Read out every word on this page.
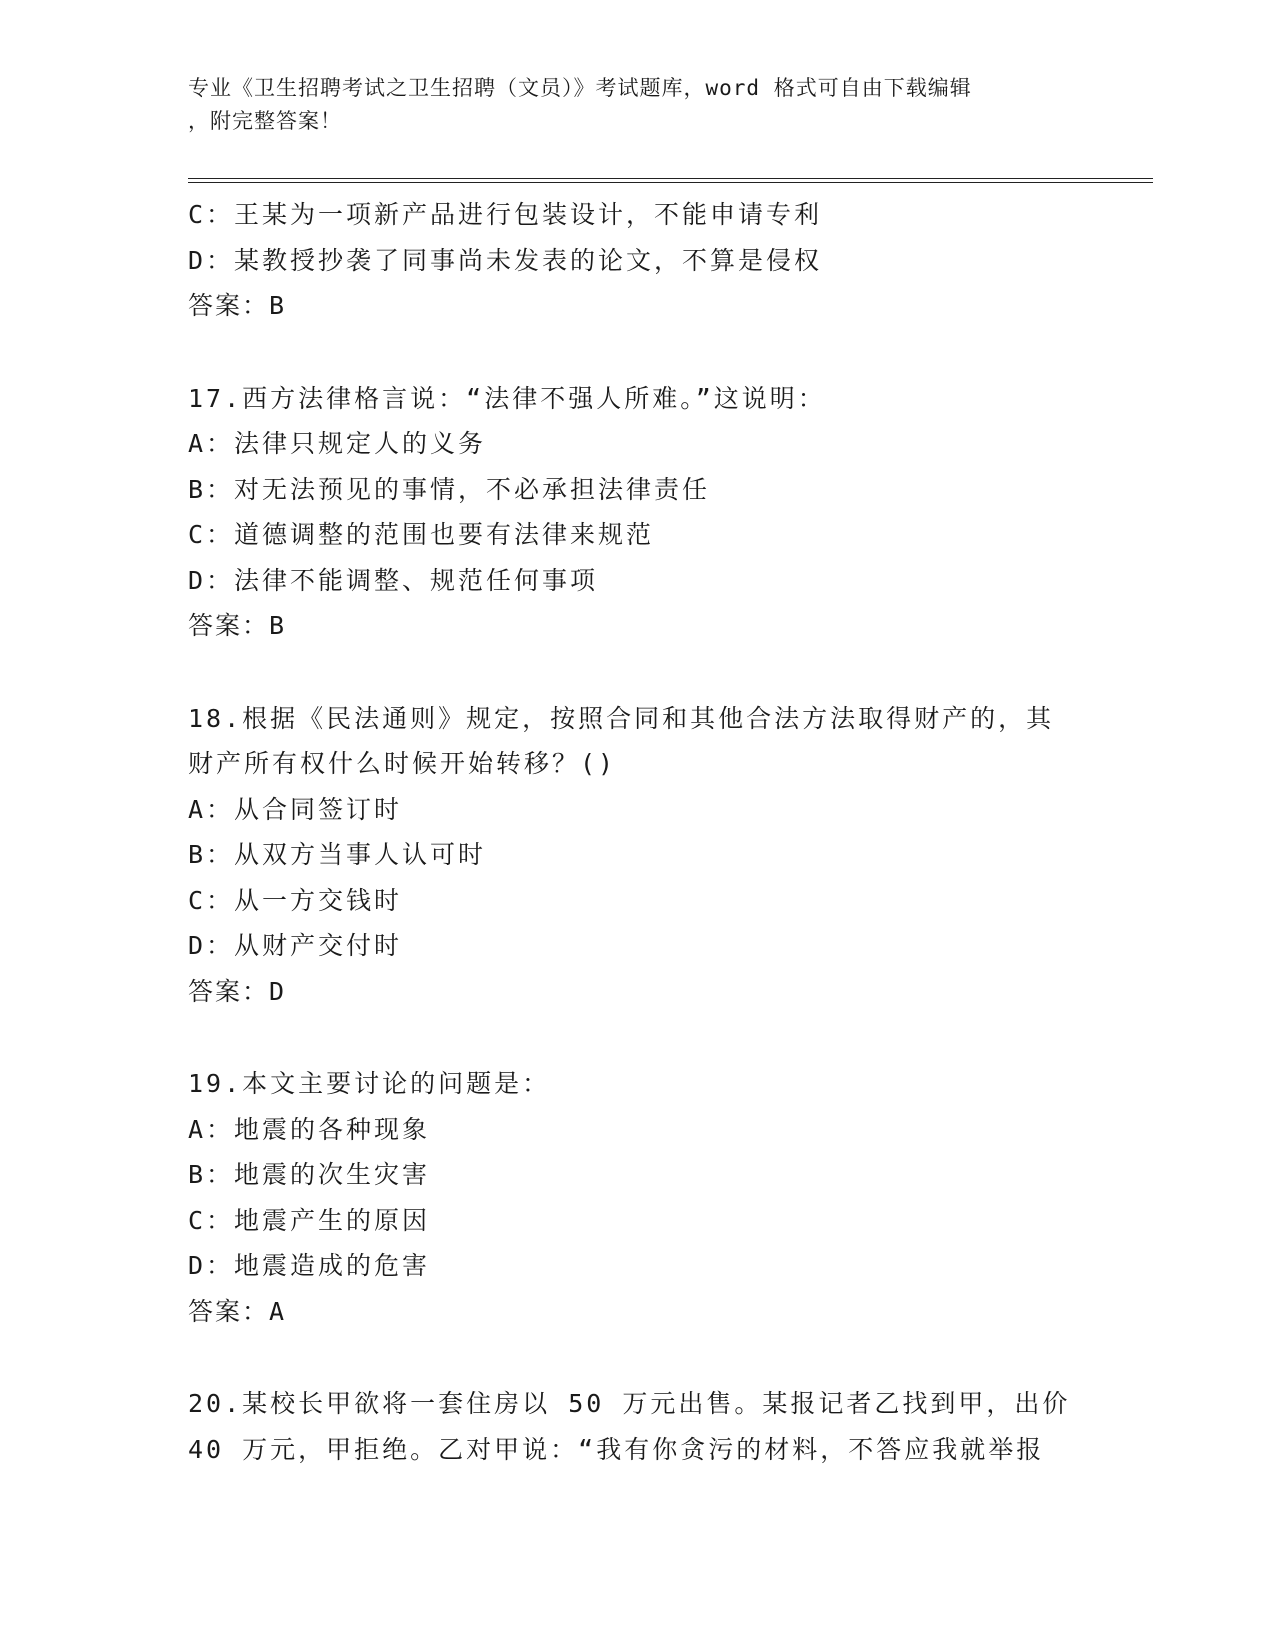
专业《卫生招聘考试之卫生招聘（文员）》考试题库，word 格式可自由下载编辑
，附完整答案！
C：王某为一项新产品进行包装设计，不能申请专利
D：某教授抄袭了同事尚未发表的论文，不算是侵权
答案：B
17.西方法律格言说：“法律不强人所难。”这说明：
A：法律只规定人的义务
B：对无法预见的事情，不必承担法律责任
C：道德调整的范围也要有法律来规范
D：法律不能调整、规范任何事项
答案：B
18.根据《民法通则》规定，按照合同和其他合法方法取得财产的，其
财产所有权什么时候开始转移？()
A：从合同签订时
B：从双方当事人认可时
C：从一方交钱时
D：从财产交付时
答案：D
19.本文主要讨论的问题是：
A：地震的各种现象
B：地震的次生灾害
C：地震产生的原因
D：地震造成的危害
答案：A
20.某校长甲欲将一套住房以 50 万元出售。某报记者乙找到甲，出价
40 万元，甲拒绝。乙对甲说：“我有你贪污的材料，不答应我就举报
